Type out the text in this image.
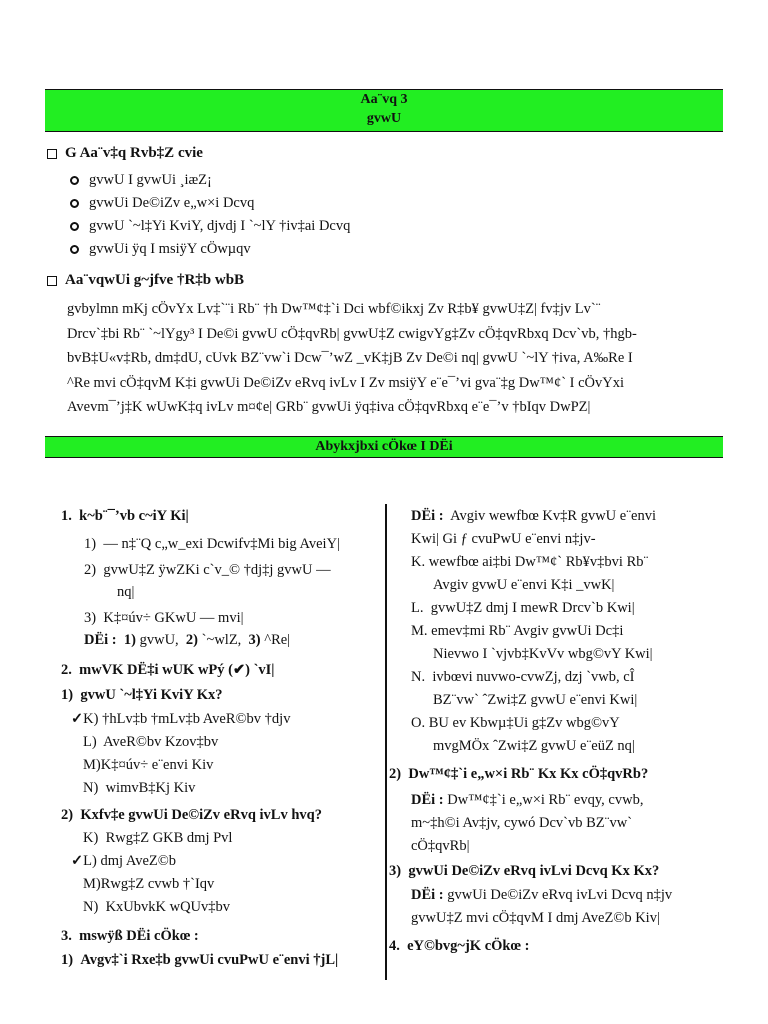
Aa¨vq 3
gvwU
G Aa¨v‡q Rvb‡Z cvie
gvwU I gvwUi ¸iæZ¡
gvwUi De©iZv e„w×i Dcvq
gvwU `~l‡Yi KviY, djvdj I `~lY †iv‡ai Dcvq
gvwUi ÿq I msiÿY cÖwµqv
Aa¨vqwUi g~jfve †R‡b wbB
gvbylmn mKj cÖvYx Lv‡`¨i Rb¨ †h Dw™¢‡`i Dci wbf©ikxj Zv R‡b¥ gvwU‡Z| fv‡jv Lv`¨
Drcv`‡bi Rb¨ `~lYgy³ I De©i gvwU cÖ‡qvRb| gvwU‡Z cwigvYg‡Zv cÖ‡qvRbxq Dcv`vb, †hgb-
bvB‡U«v‡Rb, dm‡dU, cUvk BZ¨vw`i Dcw¯’wZ _vK‡jB Zv De©i nq| gvwU `~lY †iva, A‰Re I
^Re mvi cÖ‡qvM K‡i gvwUi De©iZv eRvq ivLv I Zv msiÿY e¨e¯’vi gva¨‡g Dw™¢` I cÖvYxi
Avevm¯’j‡K wUwK‡q ivLv m¤¢e| GRb¨ gvwUi ÿq‡iva cÖ‡qvRbxq e¨e¯’v †bIqv DwPZ|
Abykxjbxi cÖkœ I DËi
1. k~b¨¯’vb c~iY Ki|
1) — n‡¨Q c„w_exi Dcwifv‡Mi big AveiY|
2) gvwU‡Z ÿwZKi c`v_© †dj‡j gvwU —
nq|
3) K‡¤úv÷ GKwU — mvi|
DËi : 1) gvwU, 2) `~wlZ, 3) ^Re|
2. mwVK DË‡i wUK wPý (✔) `vI|
1) gvwU `~l‡Yi KviY Kx?
✓K) †hLv‡b †mLv‡b AveR©bv †djv
L) AveR©bv Kzov‡bv
M)K‡¤úv÷ e¨envi Kiv
N) wimvB‡Kj Kiv
2) Kxfv‡e gvwUi De©iZv eRvq ivLv hvq?
K) Rwg‡Z GKB dmj Pvl
✓L) dmj AveZ©b
M)Rwg‡Z cvwb †`Iqv
N) KxUbvkK wQUv‡bv
3. mswÿß DËi cÖkœ :
1) Avgv‡`i Rxe‡b gvwUi cvuPwU e¨envi †jL|
DËi : Avgiv wewfbœ Kv‡R gvwU e¨envi
Kwi| Gi ƒ cvuPwU e¨envi n‡jv-
K. wewfbœ ai‡bi Dw™¢` Rb¥v‡bvi Rb¨
Avgiv gvwU e¨envi K‡i _vwK|
L. gvwU‡Z dmj I mewR Drcv`b Kwi|
M. emev‡mi Rb¨ Avgiv gvwUi Dc‡i
Nievwo I `vjvb‡KvVv wbg©vY Kwi|
N. ivbœvi nuvwo-cvwZj, dzj `vwb, cÎ
BZ¨vw` ˆZwi‡Z gvwU e¨envi Kwi|
O. BU ev Kbwµ‡Ui g‡Zv wbg©vY
mvgMÖx ˆZwi‡Z gvwU e¨eüZ nq|
2) Dw™¢‡`i e„w×i Rb¨ Kx Kx cÖ‡qvRb?
DËi : Dw™¢‡`i e„w×i Rb¨ evqy, cvwb,
m~‡h©i Av‡jv, cywó Dcv`vb BZ¨vw`
cÖ‡qvRb|
3) gvwUi De©iZv eRvq ivLvi Dcvq Kx Kx?
DËi : gvwUi De©iZv eRvq ivLvi Dcvq n‡jv
gvwU‡Z mvi cÖ‡qvM I dmj AveZ©b Kiv|
4. eY©bvg~jK cÖkœ :
